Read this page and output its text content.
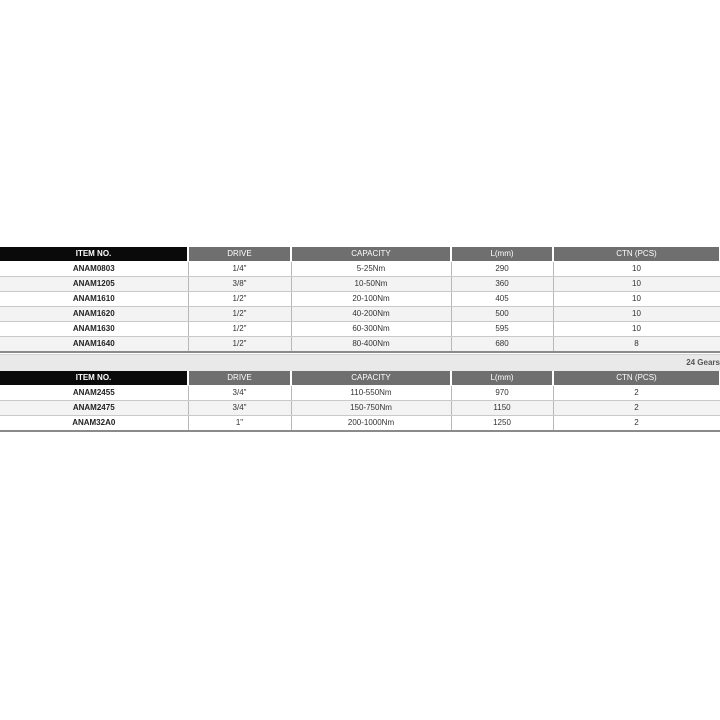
ITEM NO.	DRIVE	CAPACITY	L(mm)	CTN (PCS)
ANAM0803	1/4"	5-25Nm	290	10
ANAM1205	3/8"	10-50Nm	360	10
ANAM1610	1/2"	20-100Nm	405	10
ANAM1620	1/2"	40-200Nm	500	10
ANAM1630	1/2"	60-300Nm	595	10
ANAM1640	1/2"	80-400Nm	680	8
24 Gears
ITEM NO.	DRIVE	CAPACITY	L(mm)	CTN (PCS)
ANAM2455	3/4"	110-550Nm	970	2
ANAM2475	3/4"	150-750Nm	1150	2
ANAM32A0	1"	200-1000Nm	1250	2
